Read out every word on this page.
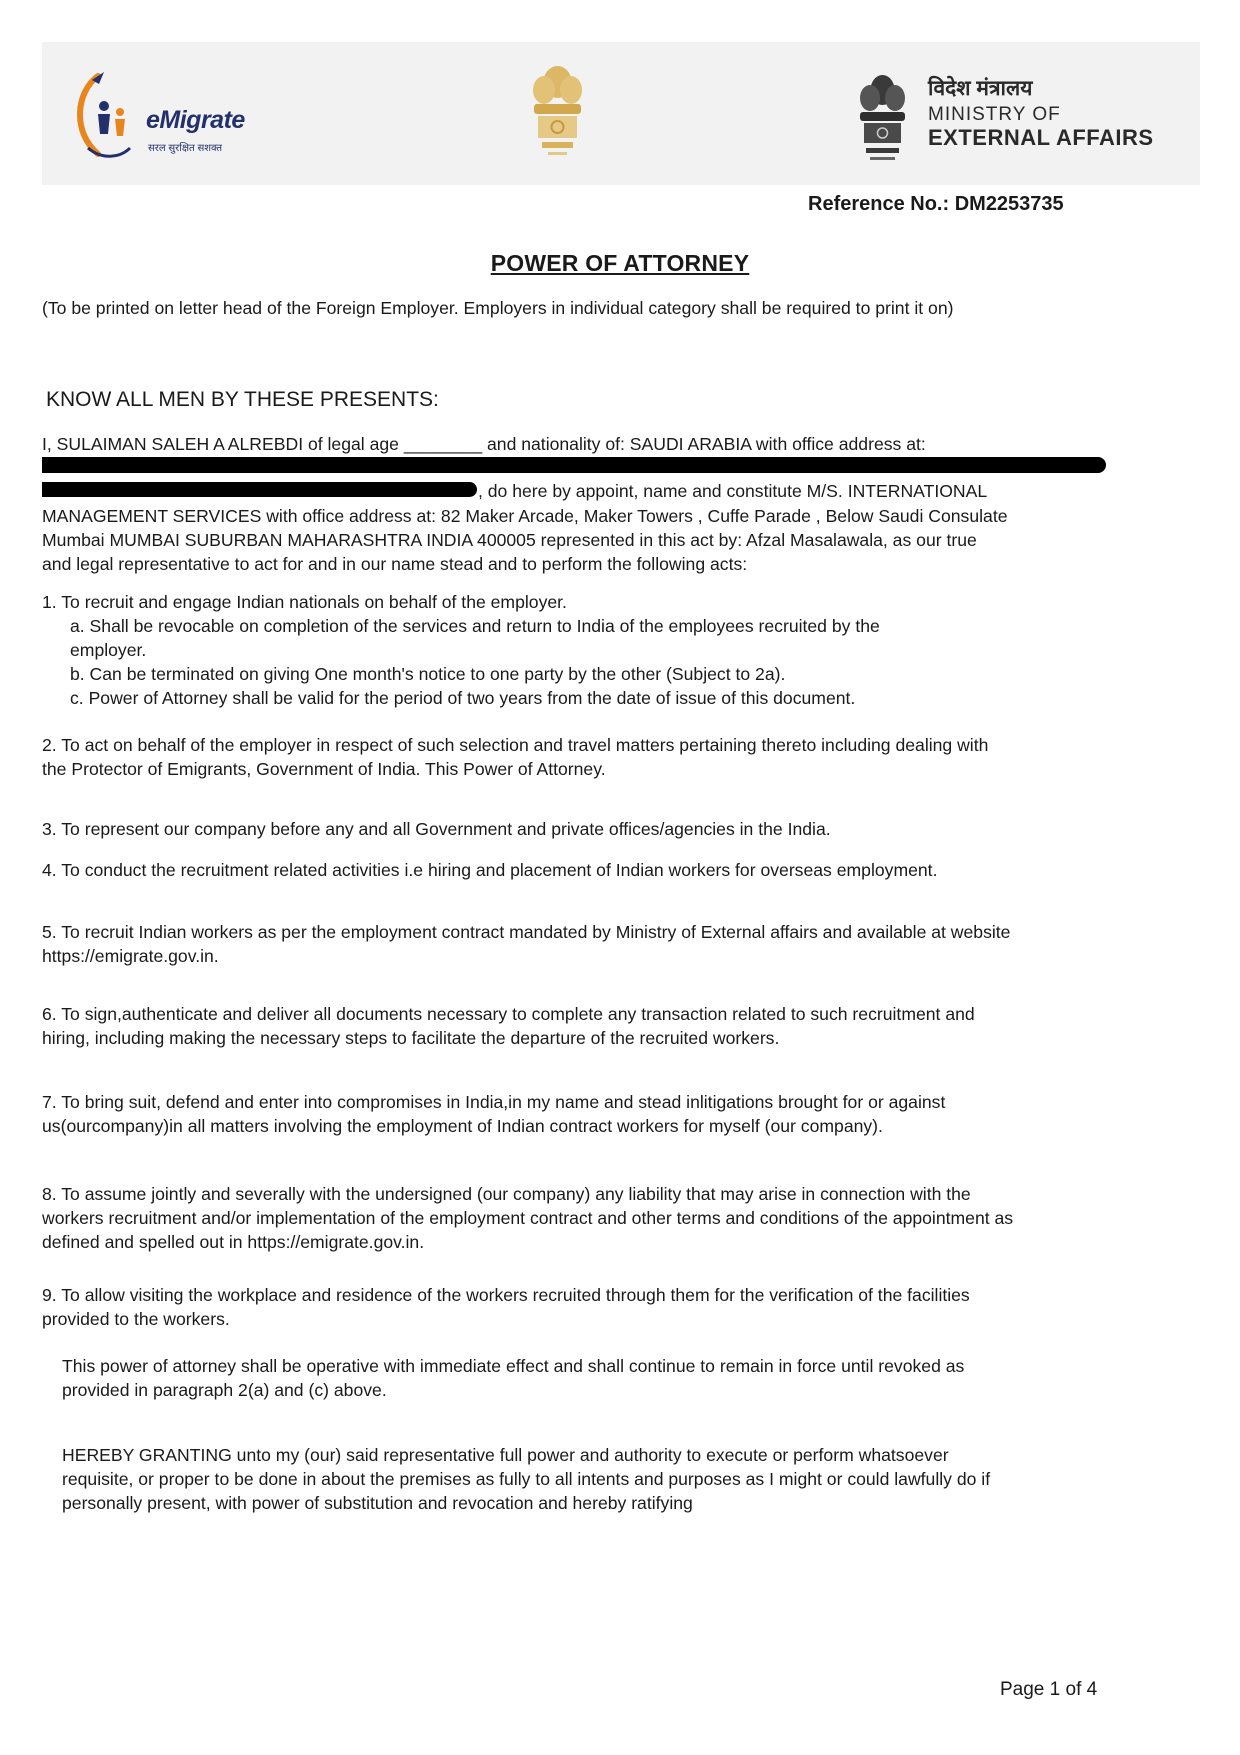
eMigrate
सरल सुरक्षित सशक्त
विदेश मंत्रालय
MINISTRY OF
EXTERNAL AFFAIRS
Reference No.: DM2253735
POWER OF ATTORNEY
(To be printed on letter head of the Foreign Employer. Employers in individual category shall be required to print it on)
KNOW ALL MEN BY THESE PRESENTS:
I, SULAIMAN SALEH A ALREBDI of legal age ________ and nationality of: SAUDI ARABIA with office address at:
, do here by appoint, name and constitute M/S. INTERNATIONAL
MANAGEMENT SERVICES with office address at: 82 Maker Arcade, Maker Towers , Cuffe Parade , Below Saudi Consulate
Mumbai MUMBAI SUBURBAN MAHARASHTRA INDIA 400005 represented in this act by: Afzal Masalawala, as our true
and legal representative to act for and in our name stead and to perform the following acts:
1. To recruit and engage Indian nationals on behalf of the employer.
a. Shall be revocable on completion of the services and return to India of the employees recruited by the
employer.
b. Can be terminated on giving One month's notice to one party by the other (Subject to 2a).
c. Power of Attorney shall be valid for the period of two years from the date of issue of this document.
2. To act on behalf of the employer in respect of such selection and travel matters pertaining thereto including dealing with
the Protector of Emigrants, Government of India. This Power of Attorney.
3. To represent our company before any and all Government and private offices/agencies in the India.
4. To conduct the recruitment related activities i.e hiring and placement of Indian workers for overseas employment.
5. To recruit Indian workers as per the employment contract mandated by Ministry of External affairs and available at website
https://emigrate.gov.in.
6. To sign,authenticate and deliver all documents necessary to complete any transaction related to such recruitment and
hiring, including making the necessary steps to facilitate the departure of the recruited workers.
7. To bring suit, defend and enter into compromises in India,in my name and stead inlitigations brought for or against
us(ourcompany)in all matters involving the employment of Indian contract workers for myself (our company).
8. To assume jointly and severally with the undersigned (our company) any liability that may arise in connection with the
workers recruitment and/or implementation of the employment contract and other terms and conditions of the appointment as
defined and spelled out in https://emigrate.gov.in.
9. To allow visiting the workplace and residence of the workers recruited through them for the verification of the facilities
provided to the workers.
This power of attorney shall be operative with immediate effect and shall continue to remain in force until revoked as
provided in paragraph 2(a) and (c) above.
HEREBY GRANTING unto my (our) said representative full power and authority to execute or perform whatsoever
requisite, or proper to be done in about the premises as fully to all intents and purposes as I might or could lawfully do if
personally present, with power of substitution and revocation and hereby ratifying
Page 1 of 4
